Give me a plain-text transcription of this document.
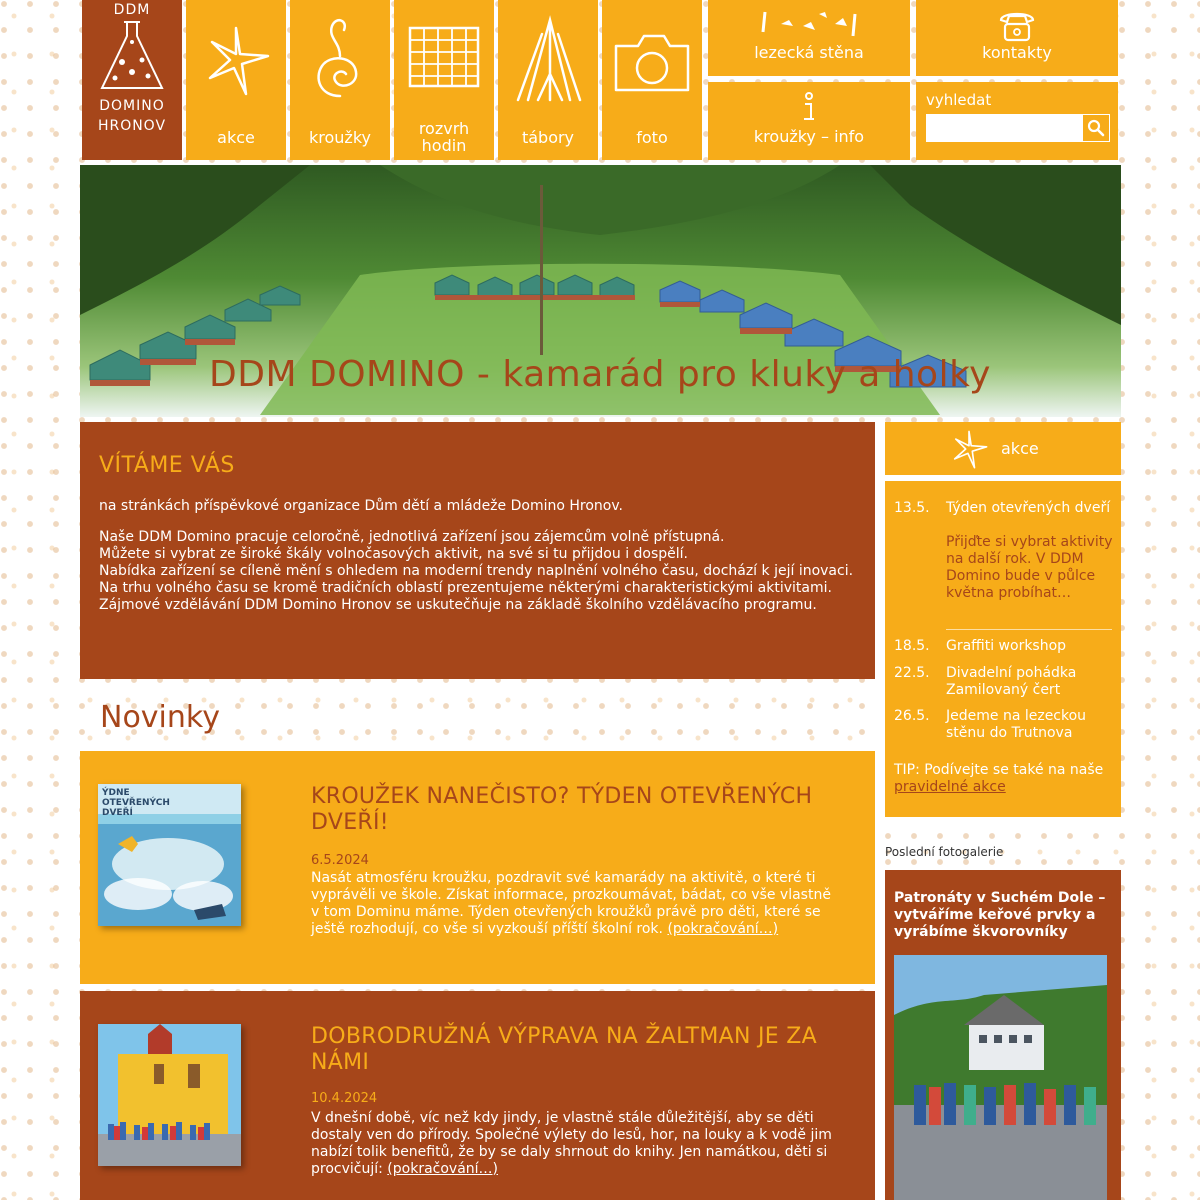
DDM
DOMINO
HRONOV
akce	kroužky	rozvrh
hodin	tábory	foto
lezecká stěna	kontakty
kroužky – info
vyhledat
DDM DOMINO - kamarád pro kluky a holky
VÍTÁME VÁS
na stránkách příspěvkové organizace Dům dětí a mládeže Domino Hronov.
Naše DDM Domino pracuje celoročně, jednotlivá zařízení jsou zájemcům volně přístupná.
Můžete si vybrat ze široké škály volnočasových aktivit, na své si tu přijdou i dospělí.
Nabídka zařízení se cíleně mění s ohledem na moderní trendy naplnění volného času, dochází k její inovaci. Na trhu volného času se kromě tradičních oblastí prezentujeme některými charakteristickými aktivitami.
Zájmové vzdělávání DDM Domino Hronov se uskutečňuje na základě školního vzdělávacího programu.
Novinky
ÝDNE OTEVŘENÝCH DVEŘÍ
KROUŽEK NANEČISTO? TÝDEN OTEVŘENÝCH DVEŘÍ!
6.5.2024
Nasát atmosféru kroužku, pozdravit své kamarády na aktivitě, o které ti vyprávěli ve škole. Získat informace, prozkoumávat, bádat, co vše vlastně v tom Dominu máme. Týden otevřených kroužků právě pro děti, které se ještě rozhodují, co vše si vyzkouší příští školní rok. (pokračování…)
DOBRODRUŽNÁ VÝPRAVA NA ŽALTMAN JE ZA NÁMI
10.4.2024
V dnešní době, víc než kdy jindy, je vlastně stále důležitější, aby se děti dostaly ven do přírody. Společné výlety do lesů, hor, na louky a k vodě jim nabízí tolik benefitů, že by se daly shrnout do knihy. Jen namátkou, děti si procvičují: (pokračování…)
akce
13.5. Týden otevřených dveří
Přijďte si vybrat aktivity na další rok. V DDM Domino bude v půlce května probíhat…
18.5. Graffiti workshop
22.5. Divadelní pohádka Zamilovaný čert
26.5. Jedeme na lezeckou stěnu do Trutnova
TIP: Podívejte se také na naše pravidelné akce
Poslední fotogalerie
Patronáty v Suchém Dole – vytváříme keřové prvky a vyrábíme škvorovníky
